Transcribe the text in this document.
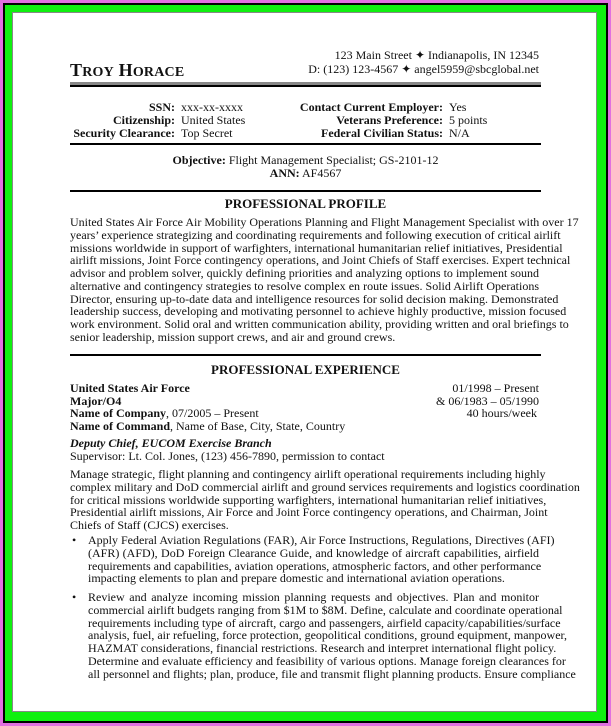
TROY HORACE
123 Main Street ✦ Indianapolis, IN 12345
D: (123) 123-4567 ✦ angel5959@sbcglobal.net
SSN: xxx-xx-xxxx
Citizenship: United States
Security Clearance: Top Secret
Contact Current Employer: Yes
Veterans Preference: 5 points
Federal Civilian Status: N/A
Objective: Flight Management Specialist; GS-2101-12
ANN: AF4567
PROFESSIONAL PROFILE
United States Air Force Air Mobility Operations Planning and Flight Management Specialist with over 17
years’ experience strategizing and coordinating requirements and following execution of critical airlift
missions worldwide in support of warfighters, international humanitarian relief initiatives, Presidential
airlift missions, Joint Force contingency operations, and Joint Chiefs of Staff exercises. Expert technical
advisor and problem solver, quickly defining priorities and analyzing options to implement sound
alternative and contingency strategies to resolve complex en route issues. Solid Airlift Operations
Director, ensuring up-to-date data and intelligence resources for solid decision making. Demonstrated
leadership success, developing and motivating personnel to achieve highly productive, mission focused
work environment. Solid oral and written communication ability, providing written and oral briefings to
senior leadership, mission support crews, and air and ground crews.
PROFESSIONAL EXPERIENCE
United States Air Force
Major/O4
Name of Company, 07/2005 – Present
Name of Command, Name of Base, City, State, Country
01/1998 – Present
& 06/1983 – 05/1990
40 hours/week
Deputy Chief, EUCOM Exercise Branch
Supervisor: Lt. Col. Jones, (123) 456-7890, permission to contact
Manage strategic, flight planning and contingency airlift operational requirements including highly
complex military and DoD commercial airlift and ground services requirements and logistics coordination
for critical missions worldwide supporting warfighters, international humanitarian relief initiatives,
Presidential airlift missions, Air Force and Joint Force contingency operations, and Chairman, Joint
Chiefs of Staff (CJCS) exercises.
• Apply Federal Aviation Regulations (FAR), Air Force Instructions, Regulations, Directives (AFI)
(AFR) (AFD), DoD Foreign Clearance Guide, and knowledge of aircraft capabilities, airfield
requirements and capabilities, aviation operations, atmospheric factors, and other performance
impacting elements to plan and prepare domestic and international aviation operations.
• Review and analyze incoming mission planning requests and objectives. Plan and monitor
commercial airlift budgets ranging from $1M to $8M. Define, calculate and coordinate operational
requirements including type of aircraft, cargo and passengers, airfield capacity/capabilities/surface
analysis, fuel, air refueling, force protection, geopolitical conditions, ground equipment, manpower,
HAZMAT considerations, financial restrictions. Research and interpret international flight policy.
Determine and evaluate efficiency and feasibility of various options. Manage foreign clearances for
all personnel and flights; plan, produce, file and transmit flight planning products. Ensure compliance
